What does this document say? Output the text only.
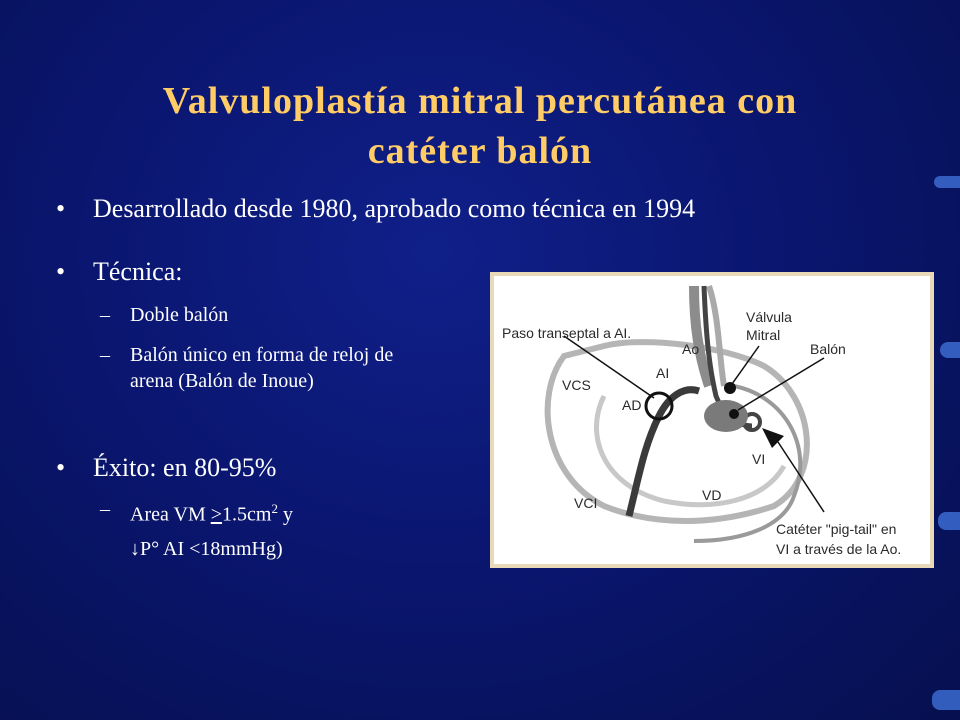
Valvuloplastía mitral percutánea con
catéter balón
•	Desarrollado desde 1980, aprobado como técnica en 1994
•	Técnica:
– Doble balón
– Balón único en forma de reloj de
arena (Balón de Inoue)
•	Éxito: en 80-95%
– Area VM $\ge 1.5cm^2$ y
↓P° AI <18mmHg)
Paso transeptal a AI.
Válvula
Mitral
Ao	Balón
VCS
AI
AD
VI
VCI	VD
Catéter "pig-tail" en
VI a través de la Ao.
